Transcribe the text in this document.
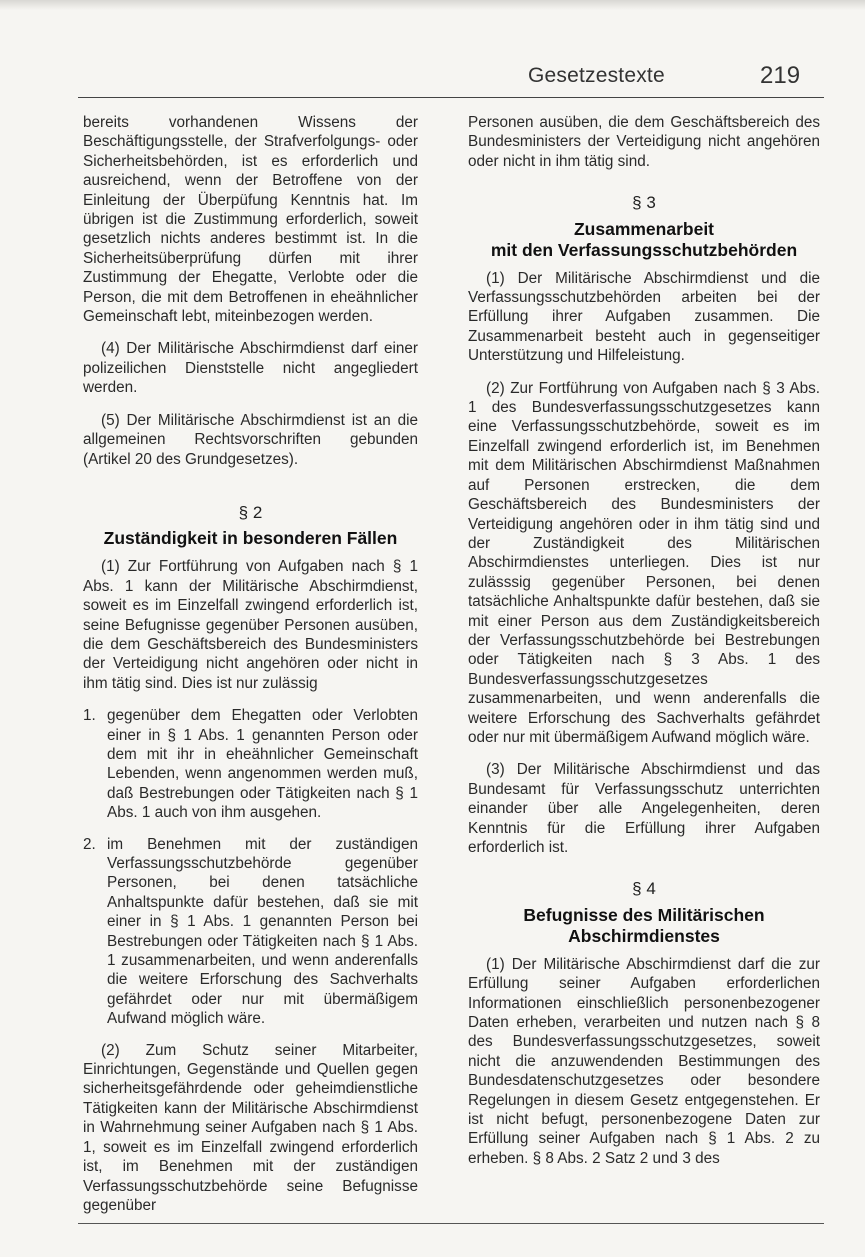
Gesetzestexte	219

bereits vorhandenen Wissens der Beschäftigungsstelle, der Strafverfolgungs- oder Sicherheitsbehörden, ist es erforderlich und ausreichend, wenn der Betroffene von der Einleitung der Überpüfung Kenntnis hat. Im übrigen ist die Zustimmung erforderlich, soweit gesetzlich nichts anderes bestimmt ist. In die Sicherheitsüberprüfung dürfen mit ihrer Zustimmung der Ehegatte, Verlobte oder die Person, die mit dem Betroffenen in eheähnlicher Gemeinschaft lebt, miteinbezogen werden.

(4) Der Militärische Abschirmdienst darf einer polizeilichen Dienststelle nicht angegliedert werden.

(5) Der Militärische Abschirmdienst ist an die allgemeinen Rechtsvorschriften gebunden (Artikel 20 des Grundgesetzes).

§ 2
Zuständigkeit in besonderen Fällen

(1) Zur Fortführung von Aufgaben nach § 1 Abs. 1 kann der Militärische Abschirmdienst, soweit es im Einzelfall zwingend erforderlich ist, seine Befugnisse gegenüber Personen ausüben, die dem Geschäftsbereich des Bundesministers der Verteidigung nicht angehören oder nicht in ihm tätig sind. Dies ist nur zulässig

1. gegenüber dem Ehegatten oder Verlobten einer in § 1 Abs. 1 genannten Person oder dem mit ihr in eheähnlicher Gemeinschaft Lebenden, wenn angenommen werden muß, daß Bestrebungen oder Tätigkeiten nach § 1 Abs. 1 auch von ihm ausgehen.
2. im Benehmen mit der zuständigen Verfassungsschutzbehörde gegenüber Personen, bei denen tatsächliche Anhaltspunkte dafür bestehen, daß sie mit einer in § 1 Abs. 1 genannten Person bei Bestrebungen oder Tätigkeiten nach § 1 Abs. 1 zusammenarbeiten, und wenn anderenfalls die weitere Erforschung des Sachverhalts gefährdet oder nur mit übermäßigem Aufwand möglich wäre.

(2) Zum Schutz seiner Mitarbeiter, Einrichtungen, Gegenstände und Quellen gegen sicherheitsgefährdende oder geheimdienstliche Tätigkeiten kann der Militärische Abschirmdienst in Wahrnehmung seiner Aufgaben nach § 1 Abs. 1, soweit es im Einzelfall zwingend erforderlich ist, im Benehmen mit der zuständigen Verfassungsschutzbehörde seine Befugnisse gegenüber

Personen ausüben, die dem Geschäftsbereich des Bundesministers der Verteidigung nicht angehören oder nicht in ihm tätig sind.

§ 3
Zusammenarbeit
mit den Verfassungsschutzbehörden

(1) Der Militärische Abschirmdienst und die Verfassungsschutzbehörden arbeiten bei der Erfüllung ihrer Aufgaben zusammen. Die Zusammenarbeit besteht auch in gegenseitiger Unterstützung und Hilfeleistung.

(2) Zur Fortführung von Aufgaben nach § 3 Abs. 1 des Bundesverfassungsschutzgesetzes kann eine Verfassungsschutzbehörde, soweit es im Einzelfall zwingend erforderlich ist, im Benehmen mit dem Militärischen Abschirmdienst Maßnahmen auf Personen erstrecken, die dem Geschäftsbereich des Bundesministers der Verteidigung angehören oder in ihm tätig sind und der Zuständigkeit des Militärischen Abschirmdienstes unterliegen. Dies ist nur zulässsig gegenüber Personen, bei denen tatsächliche Anhaltspunkte dafür bestehen, daß sie mit einer Person aus dem Zuständigkeitsbereich der Verfassungsschutzbehörde bei Bestrebungen oder Tätigkeiten nach § 3 Abs. 1 des Bundesverfassungsschutzgesetzes zusammenarbeiten, und wenn anderenfalls die weitere Erforschung des Sachverhalts gefährdet oder nur mit übermäßigem Aufwand möglich wäre.

(3) Der Militärische Abschirmdienst und das Bundesamt für Verfassungsschutz unterrichten einander über alle Angelegenheiten, deren Kenntnis für die Erfüllung ihrer Aufgaben erforderlich ist.

§ 4
Befugnisse des Militärischen
Abschirmdienstes

(1) Der Militärische Abschirmdienst darf die zur Erfüllung seiner Aufgaben erforderlichen Informationen einschließlich personenbezogener Daten erheben, verarbeiten und nutzen nach § 8 des Bundesverfassungsschutzgesetzes, soweit nicht die anzuwendenden Bestimmungen des Bundesdatenschutzgesetzes oder besondere Regelungen in diesem Gesetz entgegenstehen. Er ist nicht befugt, personenbezogene Daten zur Erfüllung seiner Aufgaben nach § 1 Abs. 2 zu erheben. § 8 Abs. 2 Satz 2 und 3 des
